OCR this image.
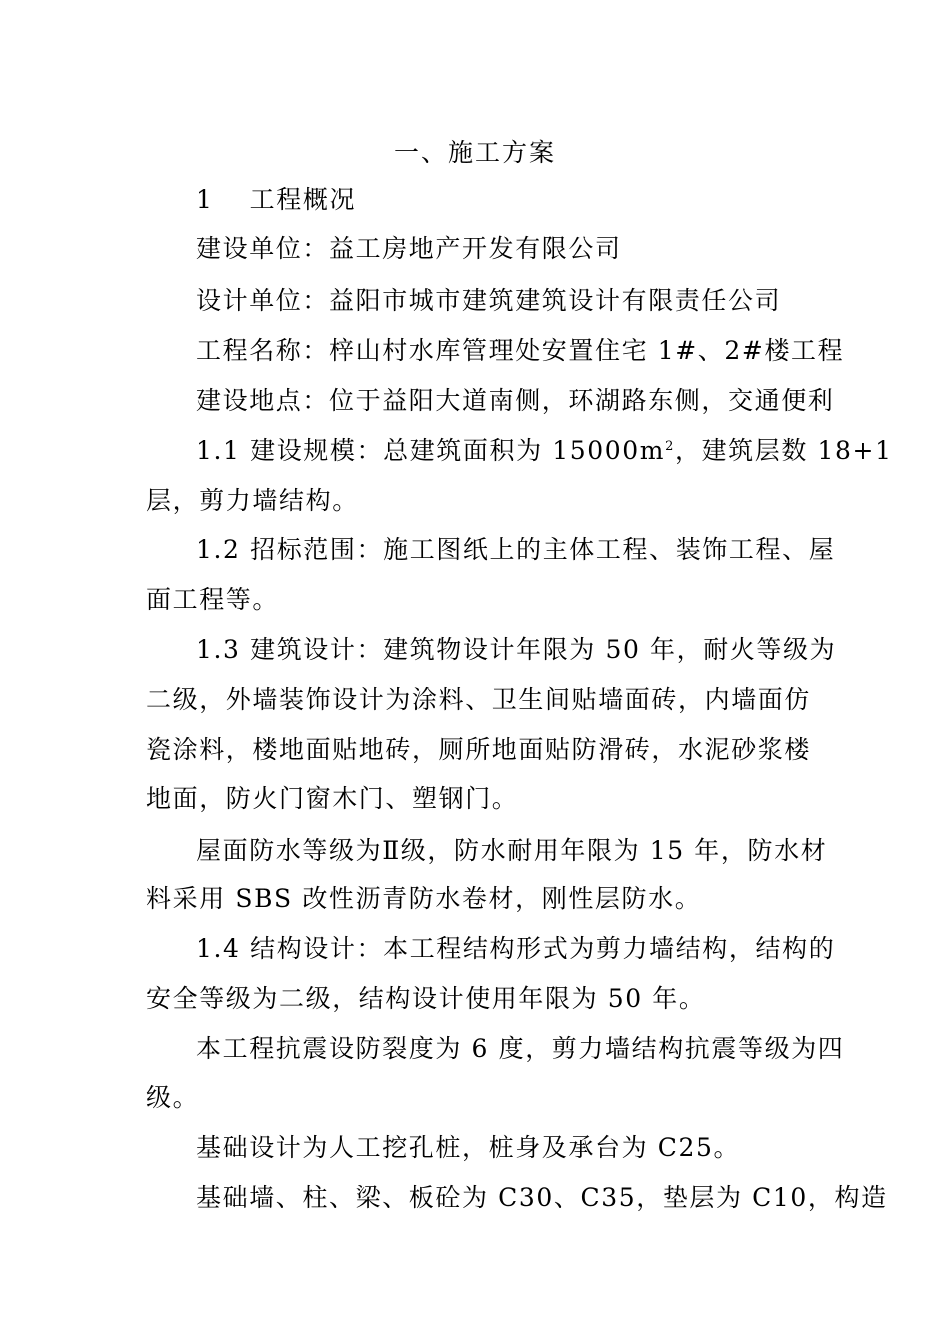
一、施工方案
1　 工程概况
建设单位：益工房地产开发有限公司
设计单位：益阳市城市建筑建筑设计有限责任公司
工程名称：梓山村水库管理处安置住宅 1#、2#楼工程
建设地点：位于益阳大道南侧，环湖路东侧，交通便利
1.1 建设规模：总建筑面积为 $15000m^2$，建筑层数 18+1
层，剪力墙结构。
1.2 招标范围：施工图纸上的主体工程、装饰工程、屋
面工程等。
1.3 建筑设计：建筑物设计年限为 50 年，耐火等级为
二级，外墙装饰设计为涂料、卫生间贴墙面砖，内墙面仿
瓷涂料，楼地面贴地砖，厕所地面贴防滑砖，水泥砂浆楼
地面，防火门窗木门、塑钢门。
屋面防水等级为Ⅱ级，防水耐用年限为 15 年，防水材
料采用 SBS 改性沥青防水卷材，刚性层防水。
1.4 结构设计：本工程结构形式为剪力墙结构，结构的
安全等级为二级，结构设计使用年限为 50 年。
本工程抗震设防裂度为 6 度，剪力墙结构抗震等级为四
级。
基础设计为人工挖孔桩，桩身及承台为 C25。
基础墙、柱、梁、板砼为 C30、C35，垫层为 C10，构造
